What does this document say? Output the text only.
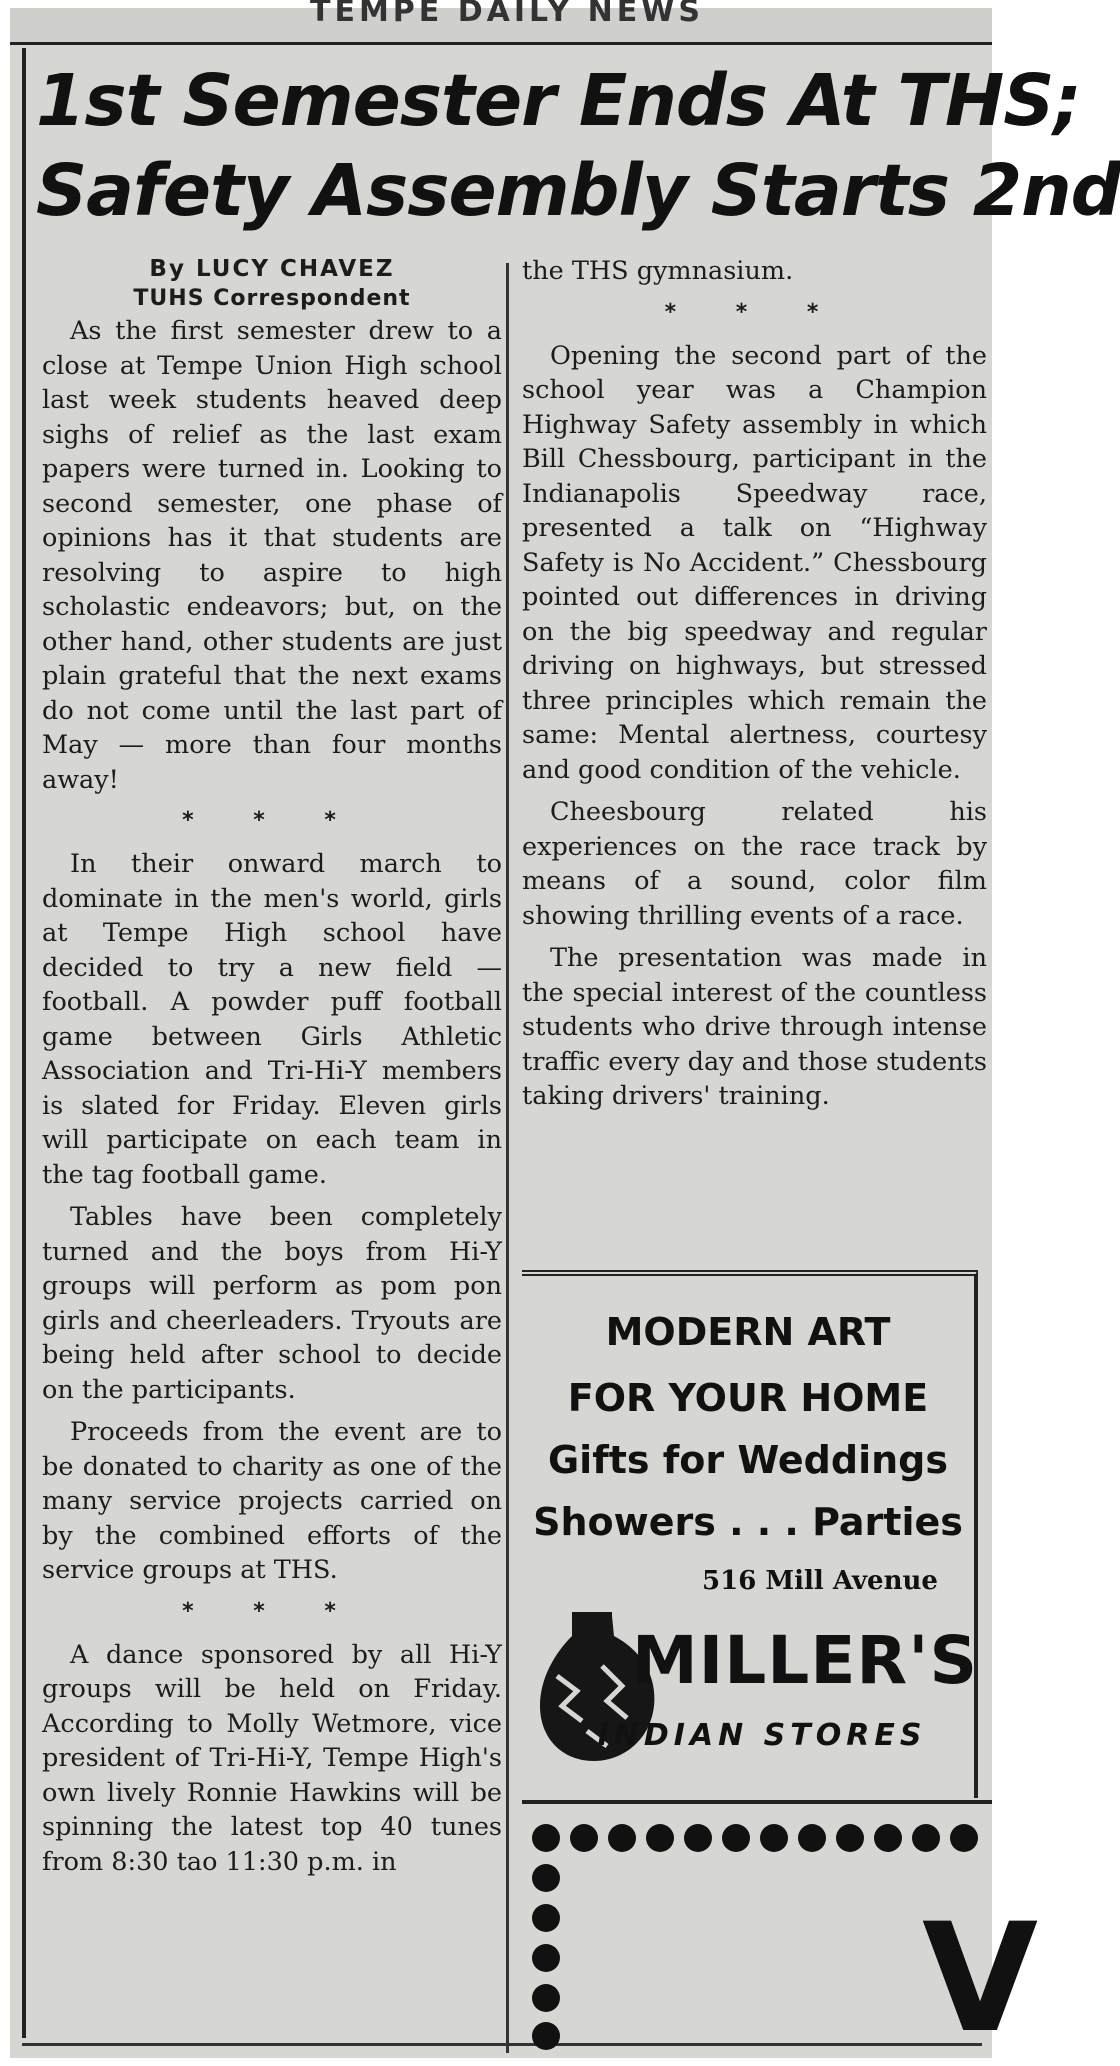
TEMPE DAILY NEWS
1st Semester Ends At THS;
Safety Assembly Starts 2nd
By LUCY CHAVEZ
TUHS Correspondent

As the first semester drew to a close at Tempe Union High school last week students heaved deep sighs of relief as the last exam papers were turned in. Looking to second semester, one phase of opinions has it that students are resolving to aspire to high scholastic endeavors; but, on the other hand, other students are just plain grateful that the next exams do not come until the last part of May — more than four months away!

* * *

In their onward march to dominate in the men's world, girls at Tempe High school have decided to try a new field — football. A powder puff football game between Girls Athletic Association and Tri-Hi-Y members is slated for Friday. Eleven girls will participate on each team in the tag football game.

Tables have been completely turned and the boys from Hi-Y groups will perform as pom pon girls and cheerleaders. Tryouts are being held after school to decide on the participants.

Proceeds from the event are to be donated to charity as one of the many service projects carried on by the combined efforts of the service groups at THS.

* * *

A dance sponsored by all Hi-Y groups will be held on Friday. According to Molly Wetmore, vice president of Tri-Hi-Y, Tempe High's own lively Ronnie Hawkins will be spinning the latest top 40 tunes from 8:30 tao 11:30 p.m. in

the THS gymnasium.

* * *

Opening the second part of the school year was a Champion Highway Safety assembly in which Bill Chessbourg, participant in the Indianapolis Speedway race, presented a talk on “Highway Safety is No Accident.” Chessbourg pointed out differences in driving on the big speedway and regular driving on highways, but stressed three principles which remain the same: Mental alertness, courtesy and good condition of the vehicle.

Cheesbourg related his experiences on the race track by means of a sound, color film showing thrilling events of a race.

The presentation was made in the special interest of the countless students who drive through intense traffic every day and those students taking drivers' training.

MODERN ART
FOR YOUR HOME
Gifts for Weddings
Showers . . . Parties
516 Mill Avenue
MILLER'S
INDIAN STORES
V
